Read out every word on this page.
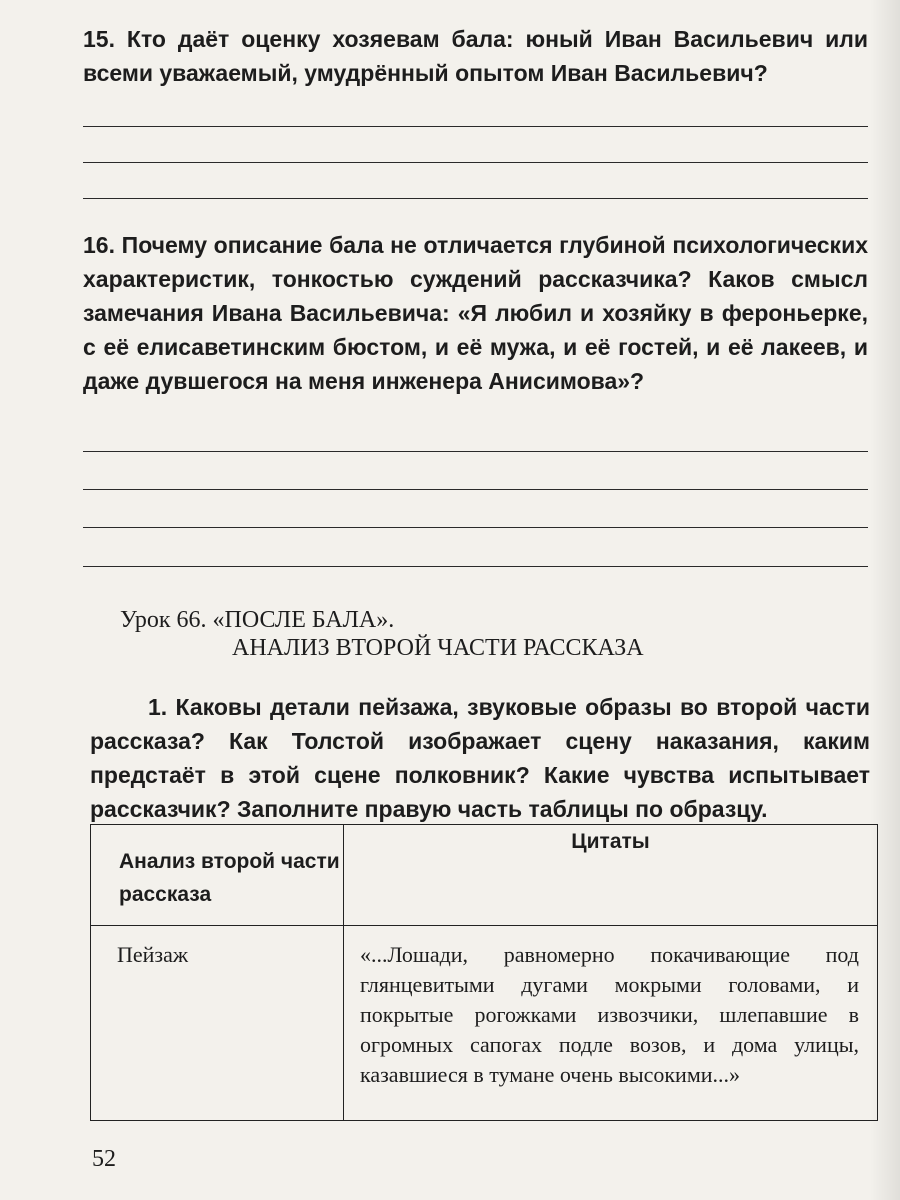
15. Кто даёт оценку хозяевам бала: юный Иван Васильевич или всеми уважаемый, умудрённый опытом Иван Васильевич?

16. Почему описание бала не отличается глубиной психологических характеристик, тонкостью суждений рассказчика? Каков смысл замечания Ивана Васильевича: «Я любил и хозяйку в фероньерке, с её елисаветинским бюстом, и её мужа, и её гостей, и её лакеев, и даже дувшегося на меня инженера Анисимова»?

Урок 66. «ПОСЛЕ БАЛА».

АНАЛИЗ ВТОРОЙ ЧАСТИ РАССКАЗА

1. Каковы детали пейзажа, звуковые образы во второй части рассказа? Как Толстой изображает сцену наказания, каким предстаёт в этой сцене полковник? Какие чувства испытывает рассказчик? Заполните правую часть таблицы по образцу.

Анализ второй части рассказа	Цитаты
Пейзаж	«...Лошади, равномерно покачивающие под глянцевитыми дугами мокрыми головами, и покрытые рогожками извозчики, шлепавшие в огромных сапогах подле возов, и дома улицы, казавшиеся в тумане очень высокими...»
52
